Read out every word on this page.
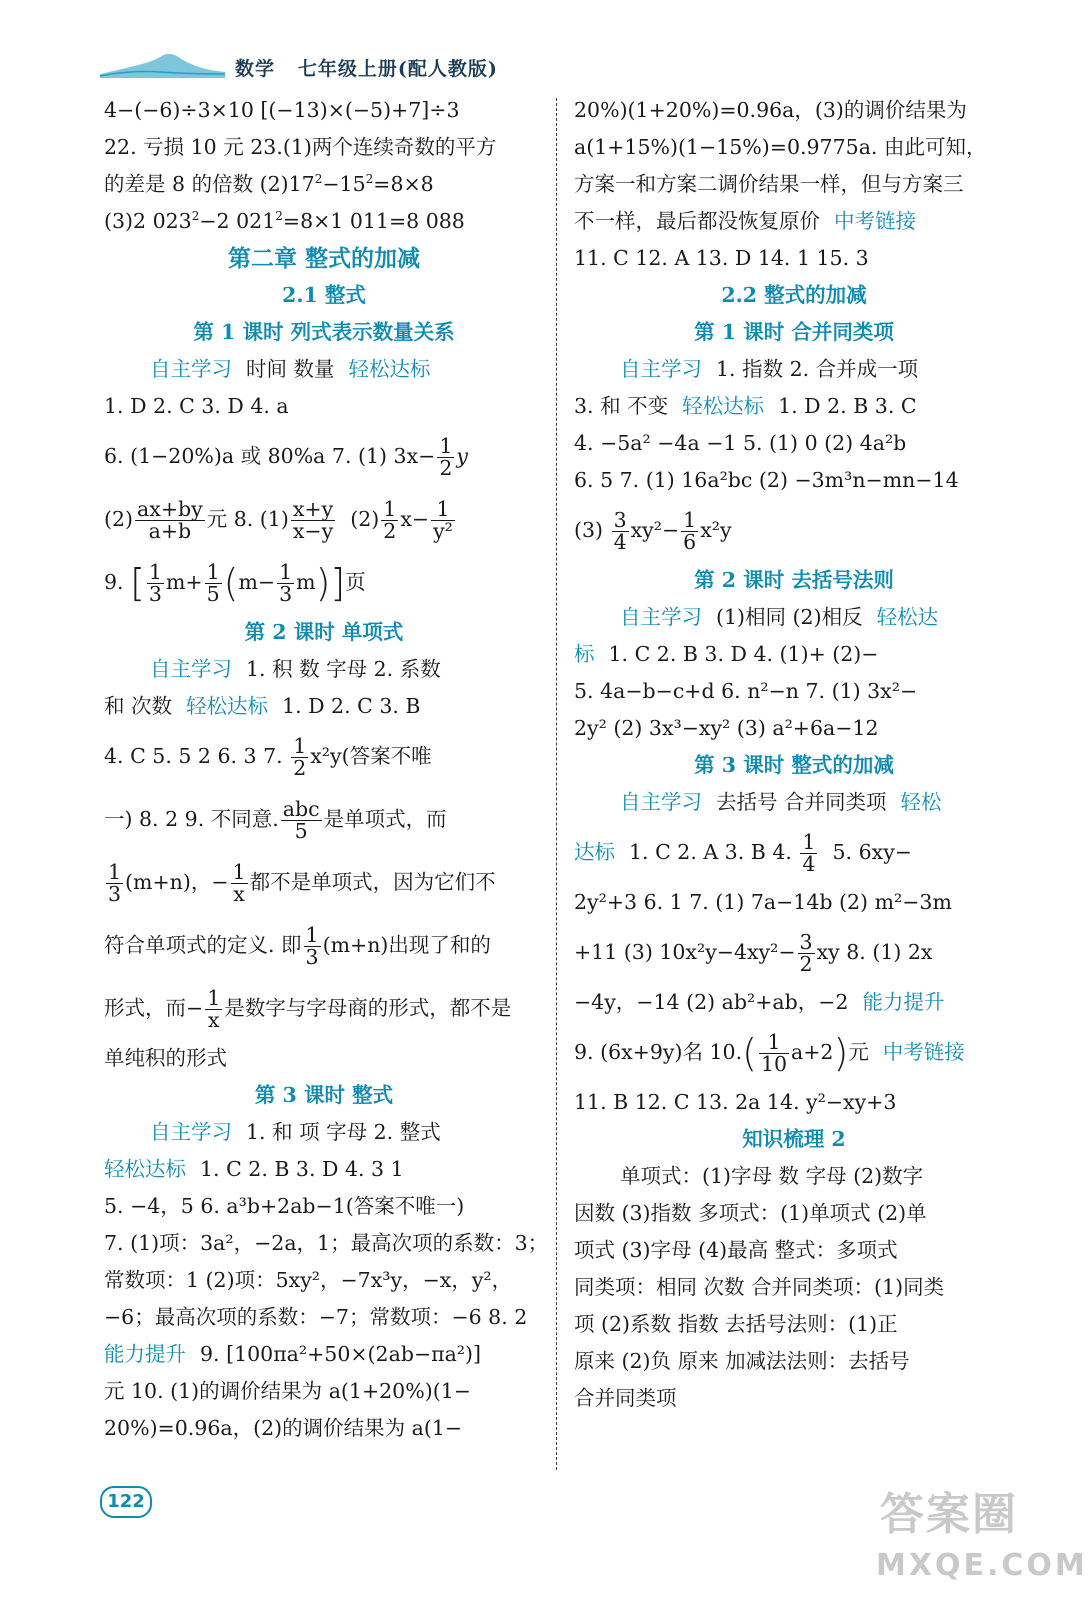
数学 七年级上册(配人教版)
4−(−6)÷3×10 [(−13)×(−5)+7]÷3
22. 亏损 10 元 23.(1)两个连续奇数的平方
的差是 8 的倍数 $(2)17^2-15^2=8\times 8$
(3)2 $023^2-2$ $021^2=8\times 1$ 011=8 088
第二章 整式的加减
2.1 整式
第 1 课时 列式表示数量关系
自主学习 时间 数量 轻松达标
1. D 2. C 3. D 4. a
6. (1−20%)a 或 80%a 7. (1) $3x- \frac{1}{2}$ y
$(2) \frac{ax+by}{a+b}$ 元 8. $(1) \frac{x+y}{x-y} (2) \frac{1}{2} x- \frac{1}{\text{y²}}$
9. [ $\frac{1}{3} m+ \frac{1}{5} (m- \frac{1}{3} m)$]页
第 2 课时 单项式
自主学习 1. 积 数 字母 2. 系数
和 次数 轻松达标 1. D 2. C 3. B
4. C 5. 5 2 6. 3 7. $\frac{1}{2} x^2y$(答案不唯
一) 8. 2 9. 不同意. $\frac{\text{abc}}{5}$ 是单项式，而
$\frac{1}{3} (m+n)$，− $\frac{1}{x}$ 都不是单项式，因为它们不
符合单项式的定义. 即 $\frac{1}{3} (m+n)$出现了和的
形式，而− $\frac{1}{x}$ 是数字与字母商的形式，都不是
单纯积的形式
第 3 课时 整式
自主学习 1. 和 项 字母 2. 整式
轻松达标 1. C 2. B 3. D 4. 3 1
5. −4，5 6. a³b+2ab−1(答案不唯一)
7. (1)项：3a²，−2a，1；最高次项的系数：3；
常数项：1 (2)项：5xy²，−7x³y，−x，y²，
−6；最高次项的系数：−7；常数项：−6 8. 2
能力提升 9. [100πa²+50×(2ab−πa²)]
元 10. (1)的调价结果为 a(1+20%)(1−
20%)=0.96a，(2)的调价结果为 a(1−
20%)(1+20%)=0.96a，(3)的调价结果为
a(1+15%)(1−15%)=0.9775a. 由此可知，
方案一和方案二调价结果一样，但与方案三
不一样，最后都没恢复原价 中考链接
11. C 12. A 13. D 14. 1 15. 3
2.2 整式的加减
第 1 课时 合并同类项
自主学习 1. 指数 2. 合并成一项
3. 和 不变 轻松达标 1. D 2. B 3. C
4. −5a² −4a −1 5. (1) 0 (2) 4a²b
6. 5 7. (1) 16a²bc (2) −3m³n−mn−14
$(3) \frac{3}{4} xy^2- \frac{1}{6} x^2y$
第 2 课时 去括号法则
自主学习 (1)相同 (2)相反 轻松达
标 1. C 2. B 3. D 4. (1)+ (2)−
5. 4a−b−c+d 6. n²−n 7. (1) 3x²−
2y² (2) 3x³−xy² (3) a²+6a−12
第 3 课时 整式的加减
自主学习 去括号 合并同类项 轻松
达标 1. C 2. A 3. B 4. $\frac{1}{4} 5$. 6xy−
2y²+3 6. 1 7. (1) 7a−14b (2) m²−3m
+11 (3) $10x^2y-4xy^2- \frac{3}{2}$ xy 8. (1) 2x
−4y，−14 (2) ab²+ab，−2 能力提升
9. (6x+9y)名 $10.( \frac{1}{10} a+2)$元 中考链接
11. B 12. C 13. 2a 14. y²−xy+3
知识梳理 2
单项式：(1)字母 数 字母 (2)数字
因数 (3)指数 多项式：(1)单项式 (2)单
项式 (3)字母 (4)最高 整式：多项式
同类项：相同 次数 合并同类项：(1)同类
项 (2)系数 指数 去括号法则：(1)正
原来 (2)负 原来 加减法法则：去括号
合并同类项
122	答案圈
MXQE.COM
